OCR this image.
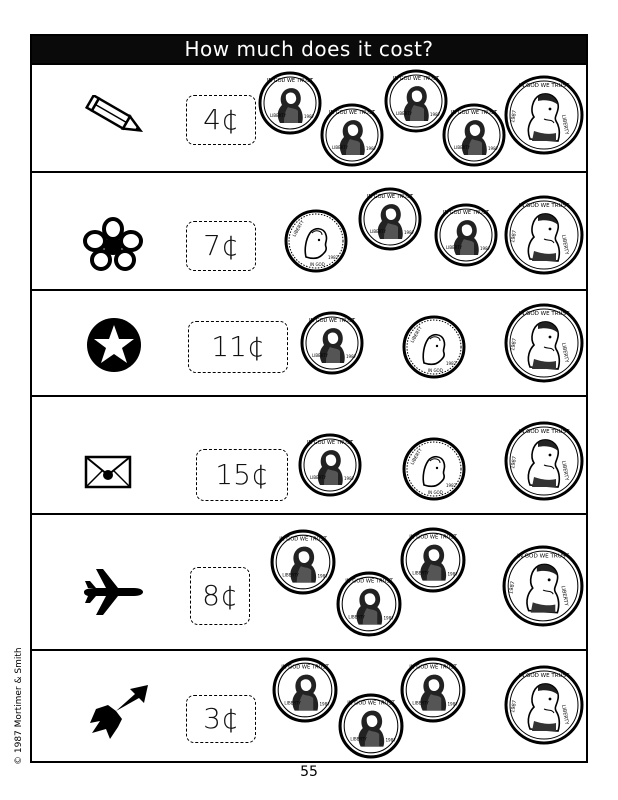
How much does it cost?
4¢
7¢
11¢
15¢
8¢
3¢
© 1987 Mortimer & Smith
55
